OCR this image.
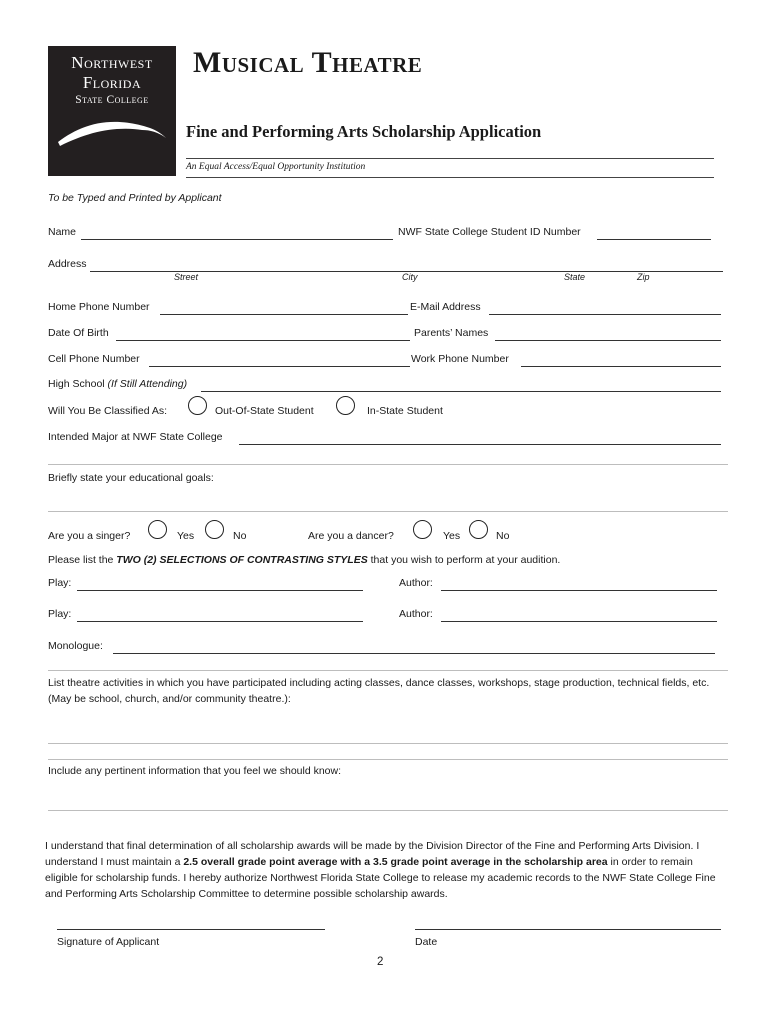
Northwest
Florida
State College
Musical Theatre
Fine and Performing Arts Scholarship Application
An Equal Access/Equal Opportunity Institution
To be Typed and Printed by Applicant
Name	NWF State College Student ID Number
Address
Street	City	State	Zip
Home Phone Number	E-Mail Address
Date Of Birth	Parents’ Names
Cell Phone Number	Work Phone Number
High School (If Still Attending)
Will You Be Classified As:	Out-Of-State Student	In-State Student
Intended Major at NWF State College
Briefly state your educational goals:
Are you a singer?	Yes	No	Are you a dancer?	Yes	No
Please list the TWO (2) SELECTIONS OF CONTRASTING STYLES that you wish to perform at your audition.
Play:	Author:
Play:	Author:
Monologue:
List theatre activities in which you have participated including acting classes, dance classes, workshops, stage production, technical fields, etc. (May be school, church, and/or community theatre.):
Include any pertinent information that you feel we should know:
I understand that final determination of all scholarship awards will be made by the Division Director of the Fine and Performing Arts Division. I understand I must maintain a 2.5 overall grade point average with a 3.5 grade point average in the scholarship area in order to remain eligible for scholarship funds. I hereby authorize Northwest Florida State College to release my academic records to the NWF State College Fine and Performing Arts Scholarship Committee to determine possible scholarship awards.
Signature of Applicant	Date
2
